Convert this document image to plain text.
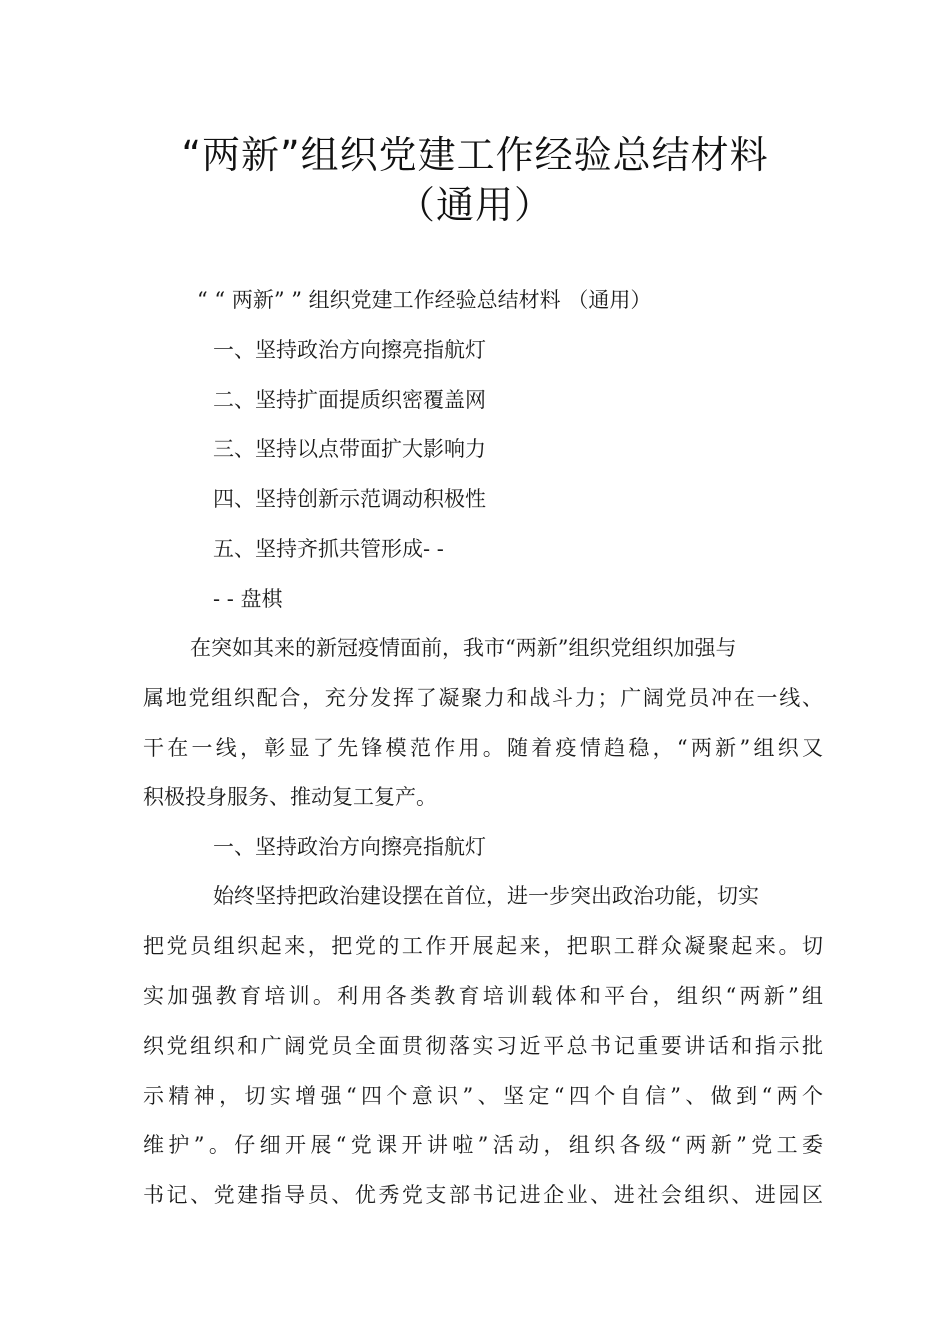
“两新”组织党建工作经验总结材料
（通用）
“ “ 两新” ” 组织党建工作经验总结材料 （通用）
一、坚持政治方向擦亮指航灯
二、坚持扩面提质织密覆盖网
三、坚持以点带面扩大影响力
四、坚持创新示范调动积极性
五、坚持齐抓共管形成- -
- - 盘棋
在突如其来的新冠疫情面前，我市“两新”组织党组织加强与
属地党组织配合，充分发挥了凝聚力和战斗力；广阔党员冲在一线、
干在一线，彰显了先锋模范作用。随着疫情趋稳，“两新”组织又
积极投身服务、推动复工复产。
一、坚持政治方向擦亮指航灯
始终坚持把政治建设摆在首位，进一步突出政治功能，切实
把党员组织起来，把党的工作开展起来，把职工群众凝聚起来。切
实加强教育培训。利用各类教育培训载体和平台，组织“两新”组
织党组织和广阔党员全面贯彻落实习近平总书记重要讲话和指示批
示精神，切实增强“四个意识”、坚定“四个自信”、做到“两个
维护”。仔细开展“党课开讲啦”活动，组织各级“两新”党工委
书记、党建指导员、优秀党支部书记进企业、进社会组织、进园区
